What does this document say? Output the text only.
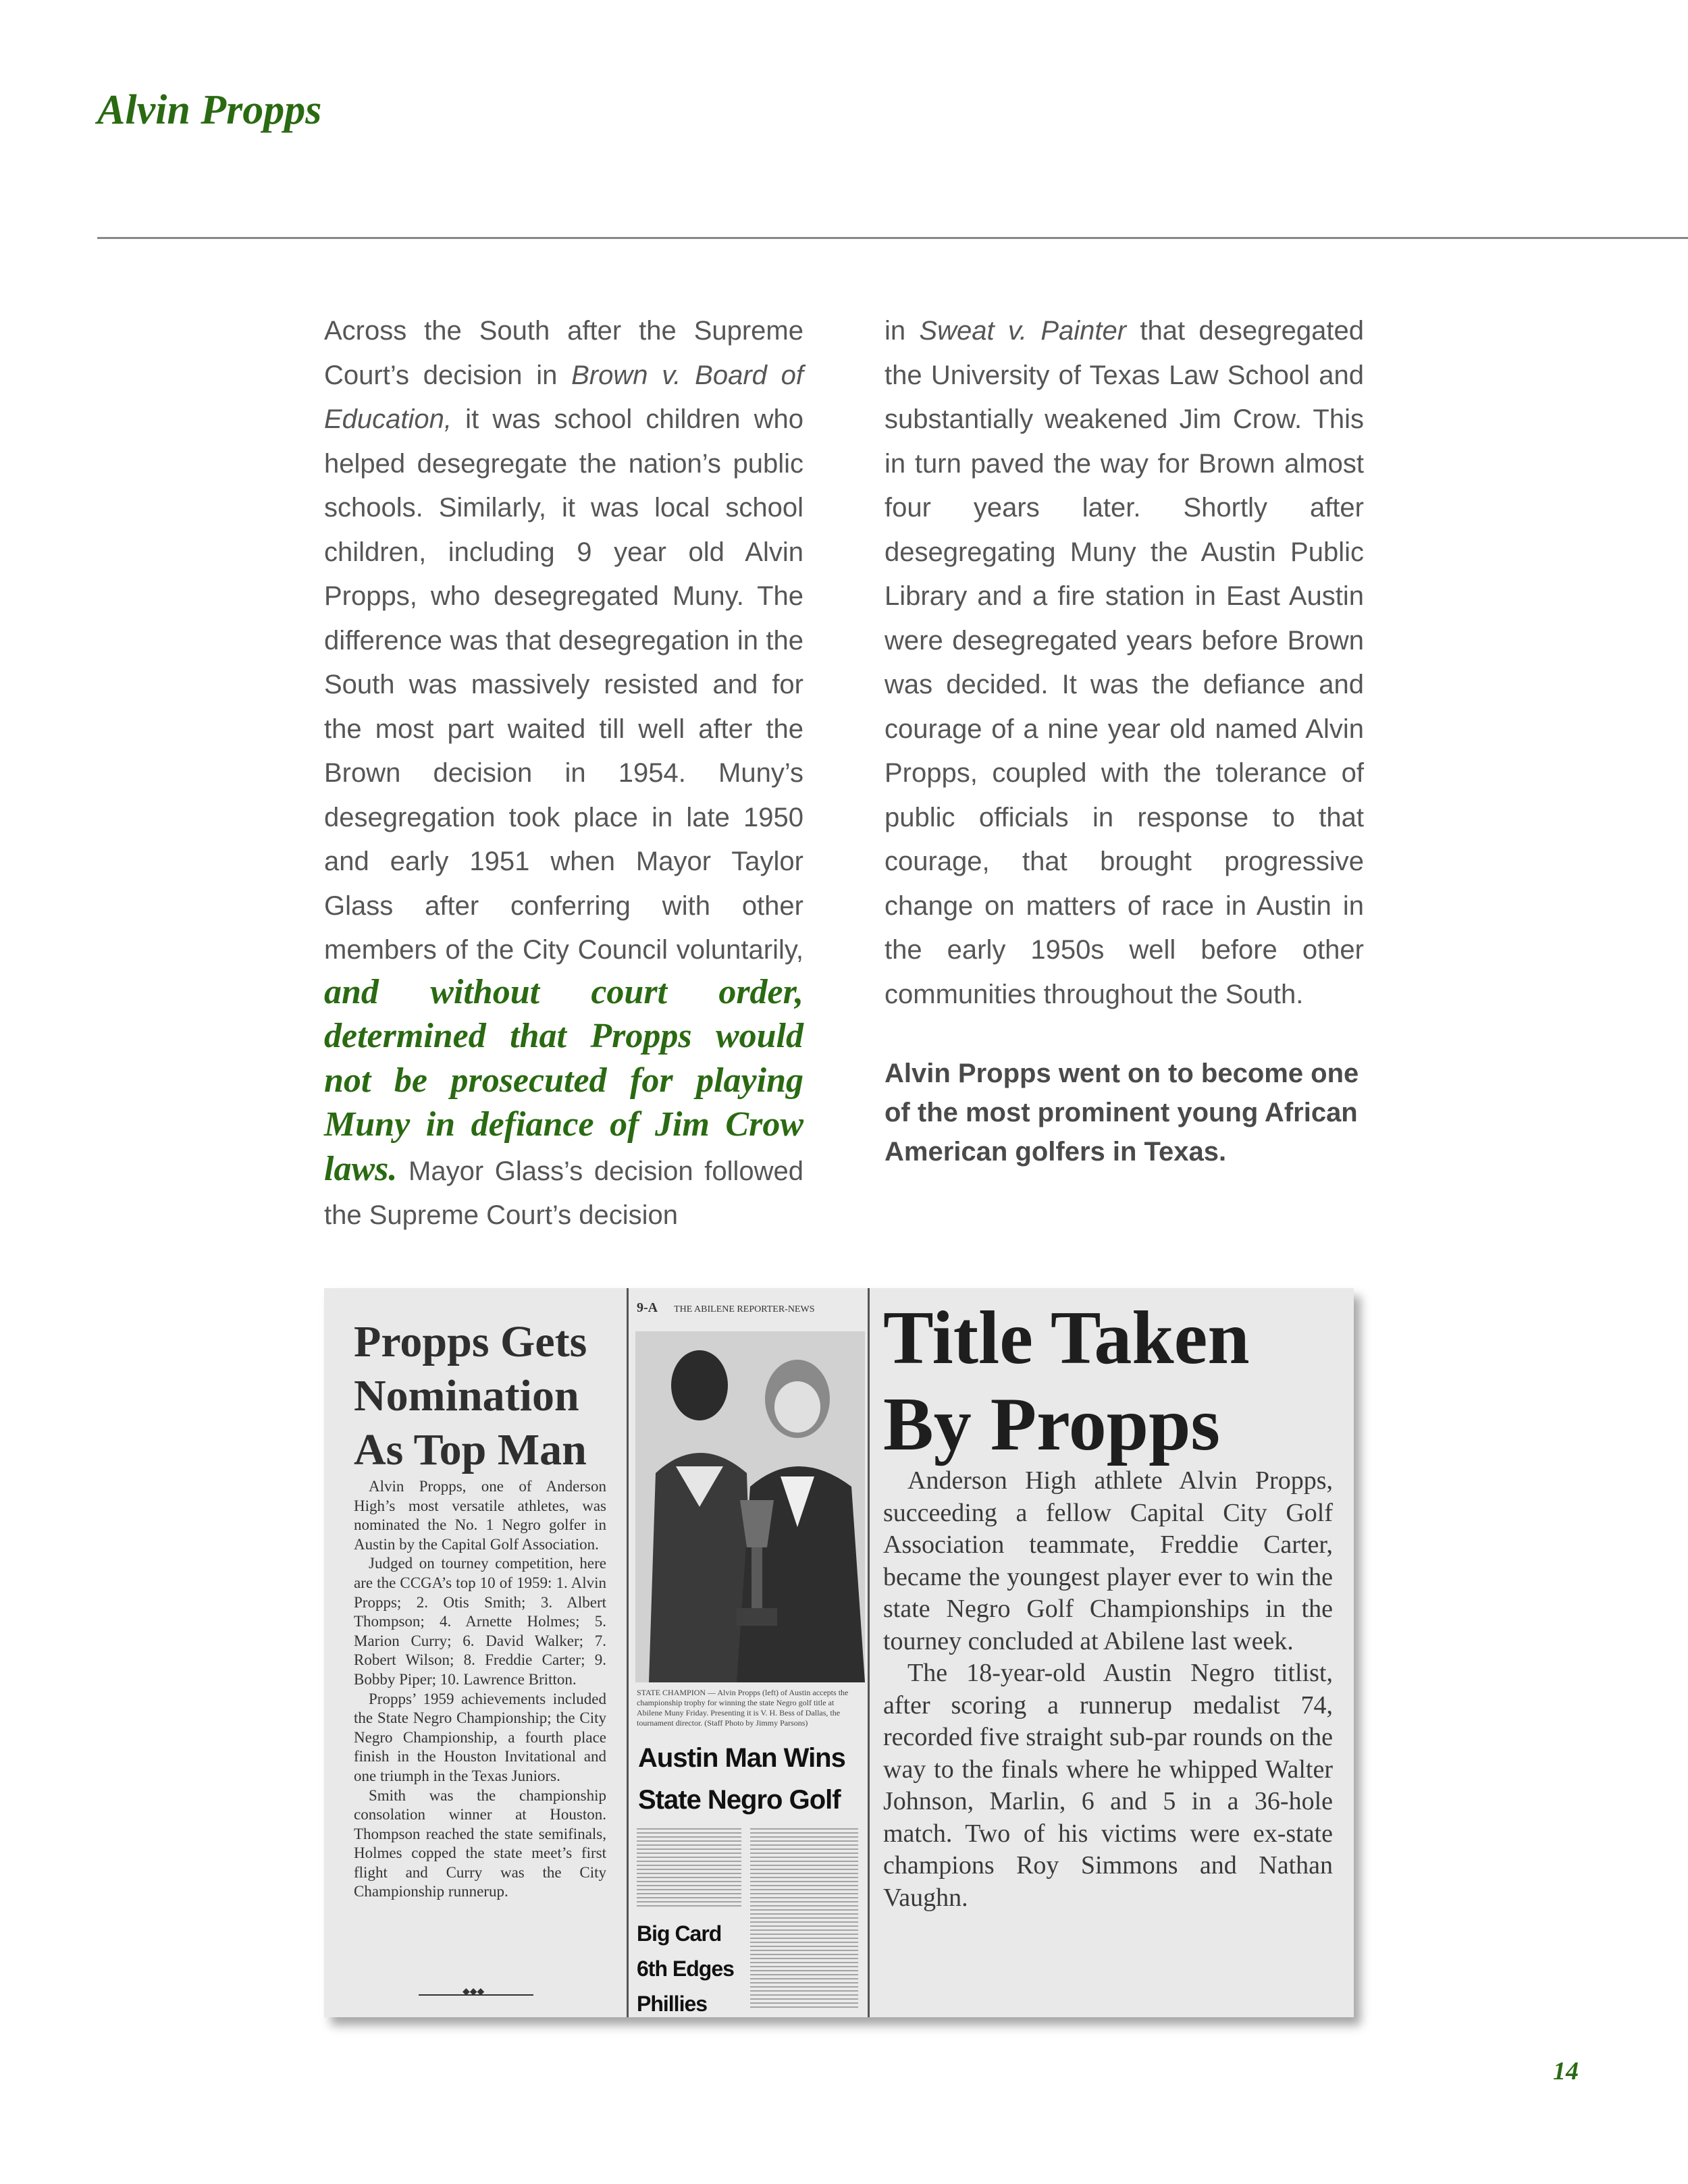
Alvin Propps

Across the South after the Supreme Court’s decision in Brown v. Board of Education, it was school children who helped desegregate the nation’s public schools. Similarly, it was local school children, including 9 year old Alvin Propps, who desegregated Muny. The difference was that desegregation in the South was massively resisted and for the most part waited till well after the Brown decision in 1954. Muny’s desegregation took place in late 1950 and early 1951 when Mayor Taylor Glass after conferring with other members of the City Council voluntarily, and without court order, determined that Propps would not be prosecuted for playing Muny in defiance of Jim Crow laws. Mayor Glass’s decision followed the Supreme Court’s decision

in Sweat v. Painter that desegregated the University of Texas Law School and substantially weakened Jim Crow. This in turn paved the way for Brown almost four years later. Shortly after desegregating Muny the Austin Public Library and a fire station in East Austin were desegregated years before Brown was decided. It was the defiance and courage of a nine year old named Alvin Propps, coupled with the tolerance of public officials in response to that courage, that brought progressive change on matters of race in Austin in the early 1950s well before other communities throughout the South.

Alvin Propps went on to become one of the most prominent young African American golfers in Texas.

Propps Gets Nomination As Top Man

Alvin Propps, one of Anderson High’s most versatile athletes, was nominated the No. 1 Negro golfer in Austin by the Capital Golf Association.

Judged on tourney competition, here are the CCGA’s top 10 of 1959: 1. Alvin Propps; 2. Otis Smith; 3. Albert Thompson; 4. Arnette Holmes; 5. Marion Curry; 6. David Walker; 7. Robert Wilson; 8. Freddie Carter; 9. Bobby Piper; 10. Lawrence Britton.

Propps’ 1959 achievements included the State Negro Championship; the City Negro Championship, a fourth place finish in the Houston Invitational and one triumph in the Texas Juniors.

Smith was the championship consolation winner at Houston. Thompson reached the state semifinals, Holmes copped the state meet’s first flight and Curry was the City Championship runnerup.

◆◆◆
9-A THE ABILENE REPORTER-NEWS

STATE CHAMPION — Alvin Propps (left) of Austin accepts the championship trophy for winning the state Negro golf title at Abilene Muny Friday. Presenting it is V. H. Bess of Dallas, the tournament director. (Staff Photo by Jimmy Parsons)

Austin Man Wins State Negro Golf
Big Card 6th Edges Phillies
Title Taken By Propps

Anderson High athlete Alvin Propps, succeeding a fellow Capital City Golf Association teammate, Freddie Carter, became the youngest player ever to win the state Negro Golf Championships in the tourney concluded at Abilene last week.

The 18-year-old Austin Negro titlist, after scoring a runnerup medalist 74, recorded five straight sub-par rounds on the way to the finals where he whipped Walter Johnson, Marlin, 6 and 5 in a 36-hole match. Two of his victims were ex-state champions Roy Simmons and Nathan Vaughn.

14
